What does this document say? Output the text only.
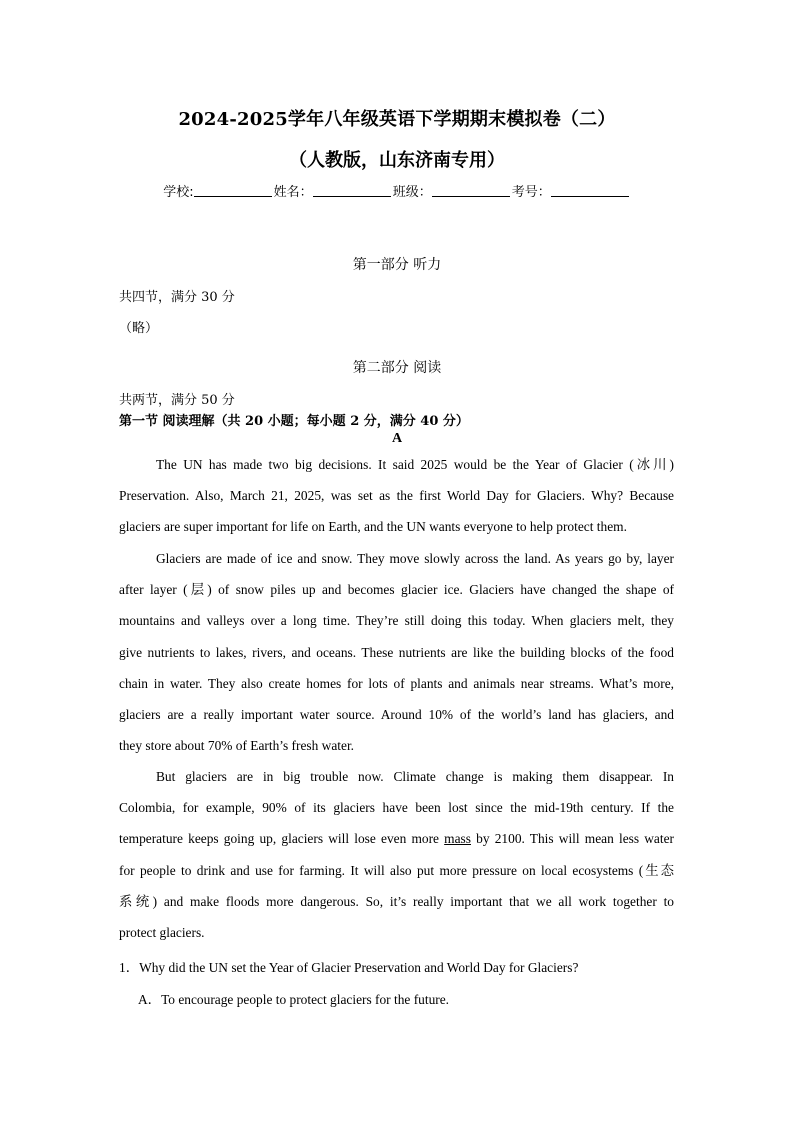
2024-2025学年八年级英语下学期期末模拟卷（二）
（人教版，山东济南专用）
学校:	姓名：	班级：	考号：
第一部分 听力
共四节，满分 30 分
（略）
第二部分 阅读
共两节，满分 50 分
第一节 阅读理解（共 20 小题；每小题 2 分，满分 40 分）
A
The UN has made two big decisions. It said 2025 would be the Year of Glacier (冰川)
Preservation. Also, March 21, 2025, was set as the first World Day for Glaciers. Why? Because
glaciers are super important for life on Earth, and the UN wants everyone to help protect them.
Glaciers are made of ice and snow. They move slowly across the land. As years go by, layer
after layer (层) of snow piles up and becomes glacier ice. Glaciers have changed the shape of
mountains and valleys over a long time. They’re still doing this today. When glaciers melt, they
give nutrients to lakes, rivers, and oceans. These nutrients are like the building blocks of the food
chain in water. They also create homes for lots of plants and animals near streams. What’s more,
glaciers are a really important water source. Around 10% of the world’s land has glaciers, and
they store about 70% of Earth’s fresh water.
But glaciers are in big trouble now. Climate change is making them disappear. In
Colombia, for example, 90% of its glaciers have been lost since the mid-19th century. If the
temperature keeps going up, glaciers will lose even more mass by 2100. This will mean less water
for people to drink and use for farming. It will also put more pressure on local ecosystems (生态
系统) and make floods more dangerous. So, it’s really important that we all work together to
protect glaciers.
1．Why did the UN set the Year of Glacier Preservation and World Day for Glaciers?
A．To encourage people to protect glaciers for the future.
